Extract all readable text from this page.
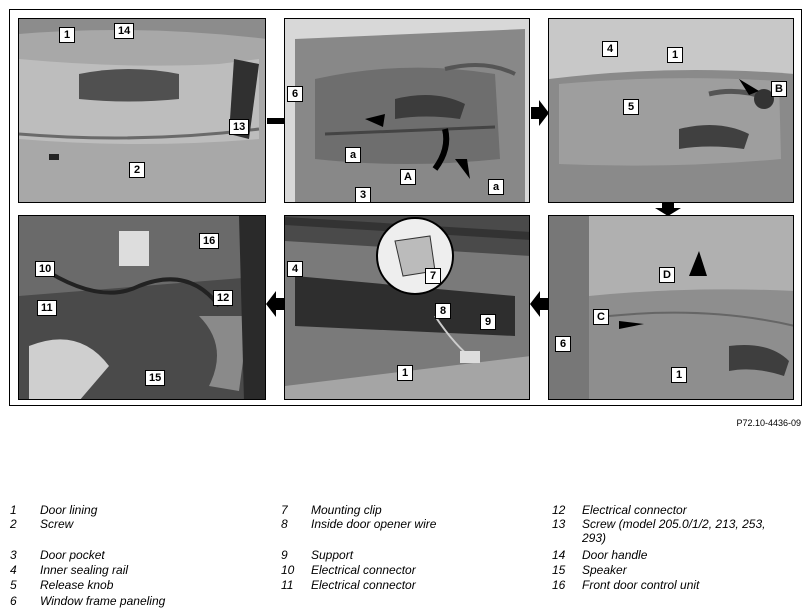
1	14
13
2
6
a
A
a
3
4	1
B
5
16
10
11
12
15
4
7
8
9
1
D
C
6
1
P72.10-4436-09
1 Door lining
2 Screw
3 Door pocket
4 Inner sealing rail
5 Release knob
6 Window frame paneling
7 Mounting clip
8 Inside door opener wire
9 Support
10 Electrical connector
11 Electrical connector
12 Electrical connector
13 Screw (model 205.0/1/2, 213, 253,
293)
14 Door handle
15 Speaker
16 Front door control unit
